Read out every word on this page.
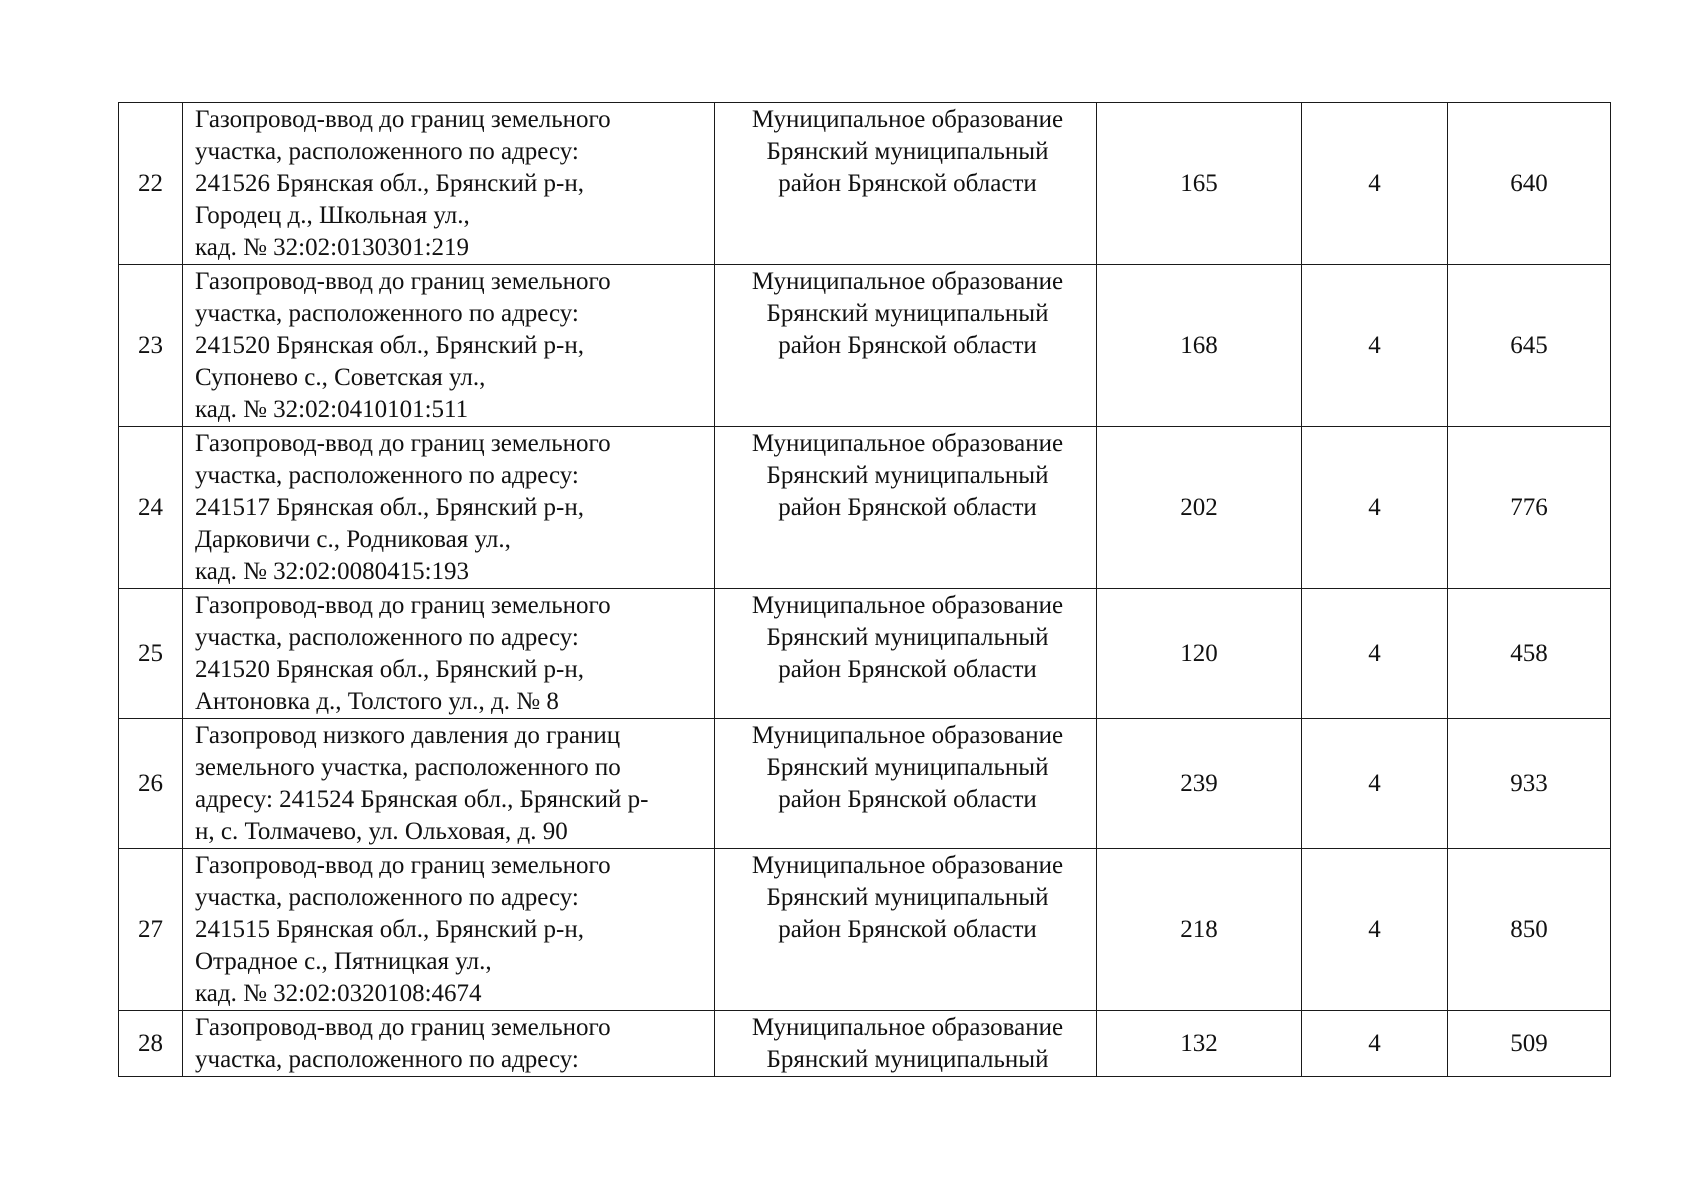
22	Газопровод-ввод до границ земельного
участка, расположенного по адресу:
241526 Брянская обл., Брянский р-н,
Городец д., Школьная ул.,
кад. № 32:02:0130301:219	Муниципальное образование
Брянский муниципальный
район Брянской области	165	4	640
23	Газопровод-ввод до границ земельного
участка, расположенного по адресу:
241520 Брянская обл., Брянский р-н,
Супонево с., Советская ул.,
кад. № 32:02:0410101:511	Муниципальное образование
Брянский муниципальный
район Брянской области	168	4	645
24	Газопровод-ввод до границ земельного
участка, расположенного по адресу:
241517 Брянская обл., Брянский р-н,
Дарковичи с., Родниковая ул.,
кад. № 32:02:0080415:193	Муниципальное образование
Брянский муниципальный
район Брянской области	202	4	776
25	Газопровод-ввод до границ земельного
участка, расположенного по адресу:
241520 Брянская обл., Брянский р-н,
Антоновка д., Толстого ул., д. № 8	Муниципальное образование
Брянский муниципальный
район Брянской области	120	4	458
26	Газопровод низкого давления до границ
земельного участка, расположенного по
адресу: 241524 Брянская обл., Брянский р-
н, с. Толмачево, ул. Ольховая, д. 90	Муниципальное образование
Брянский муниципальный
район Брянской области	239	4	933
27	Газопровод-ввод до границ земельного
участка, расположенного по адресу:
241515 Брянская обл., Брянский р-н,
Отрадное с., Пятницкая ул.,
кад. № 32:02:0320108:4674	Муниципальное образование
Брянский муниципальный
район Брянской области	218	4	850
28	Газопровод-ввод до границ земельного
участка, расположенного по адресу:	Муниципальное образование
Брянский муниципальный	132	4	509
